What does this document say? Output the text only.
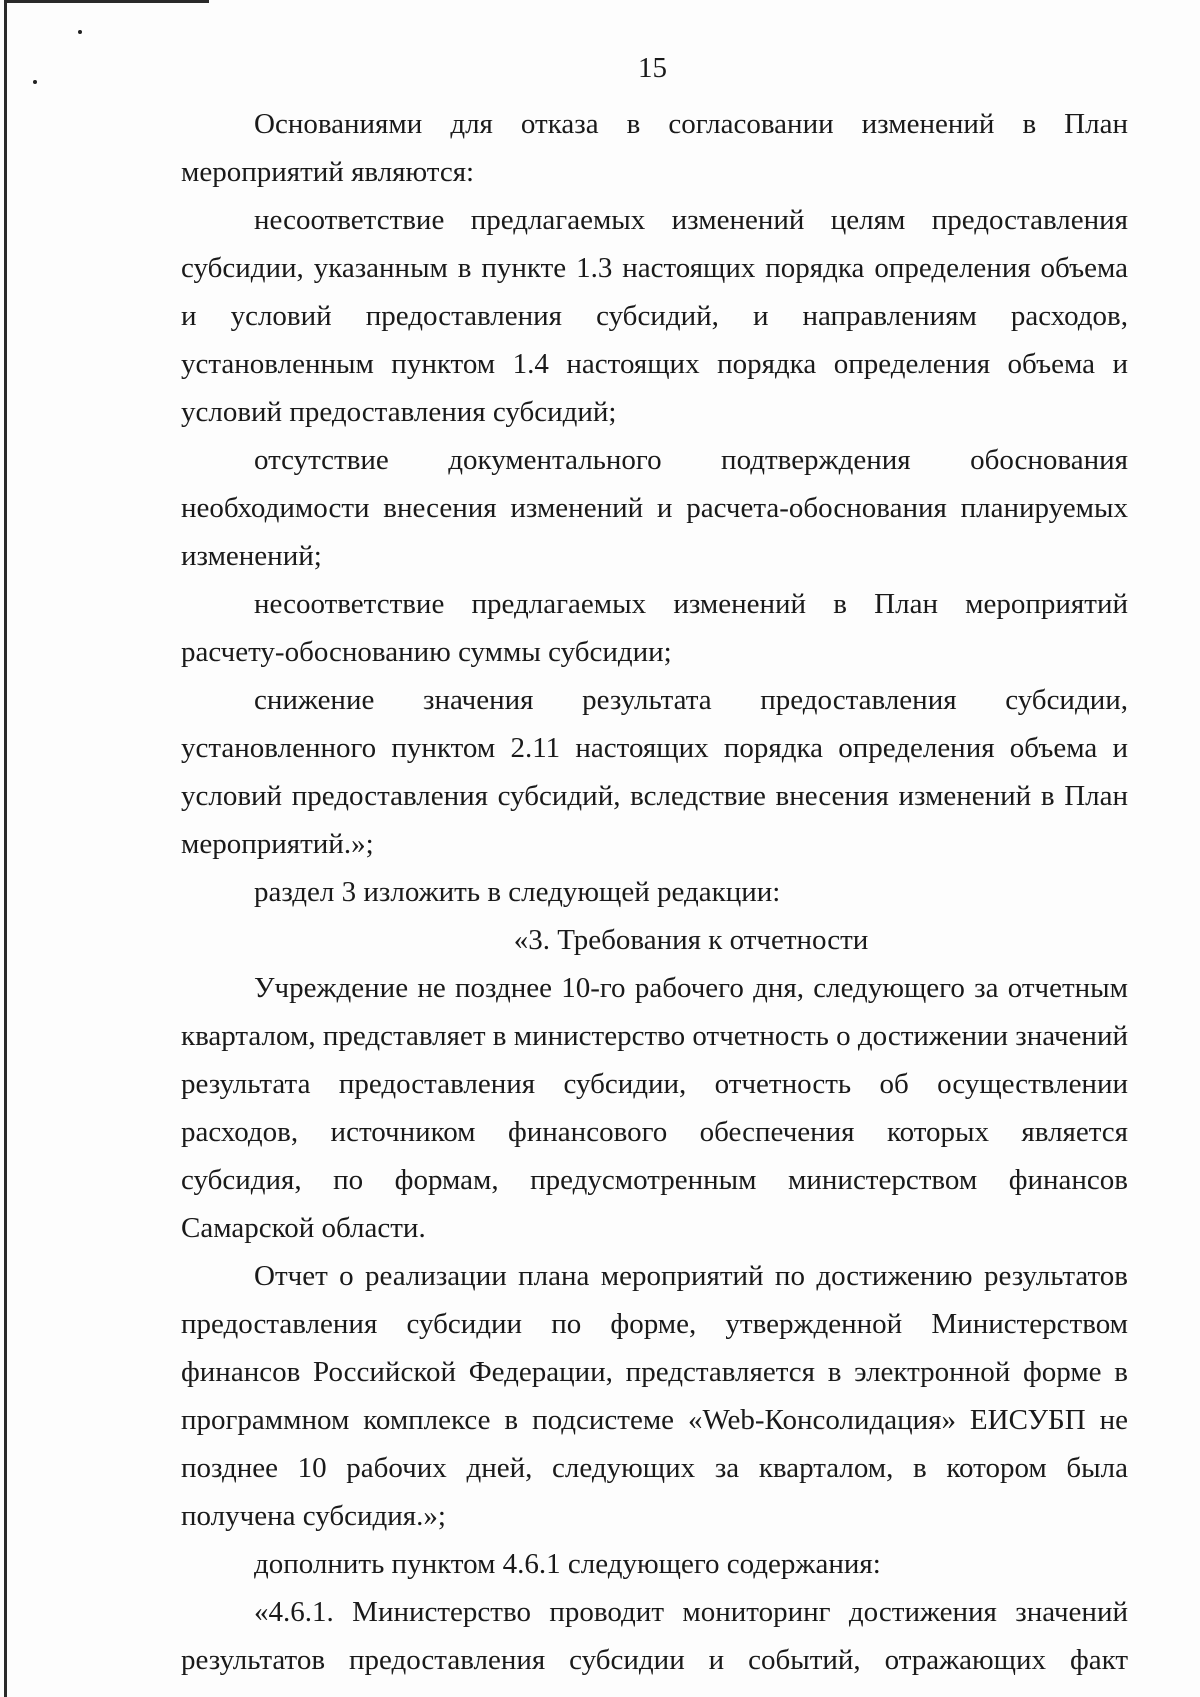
15

Основаниями для отказа в согласовании изменений в План мероприятий являются:

несоответствие предлагаемых изменений целям предоставления субсидии, указанным в пункте 1.3 настоящих порядка определения объема и условий предоставления субсидий, и направлениям расходов, установленным пунктом 1.4 настоящих порядка определения объема и условий предоставления субсидий;

отсутствие документального подтверждения обоснования необходимости внесения изменений и расчета-обоснования планируемых изменений;

несоответствие предлагаемых изменений в План мероприятий расчету-обоснованию суммы субсидии;

снижение значения результата предоставления субсидии, установленного пунктом 2.11 настоящих порядка определения объема и условий предоставления субсидий, вследствие внесения изменений в План мероприятий.»;

раздел 3 изложить в следующей редакции:

«3. Требования к отчетности

Учреждение не позднее 10-го рабочего дня, следующего за отчетным кварталом, представляет в министерство отчетность о достижении значений результата предоставления субсидии, отчетность об осуществлении расходов, источником финансового обеспечения которых является субсидия, по формам, предусмотренным министерством финансов Самарской области.

Отчет о реализации плана мероприятий по достижению результатов предоставления субсидии по форме, утвержденной Министерством финансов Российской Федерации, представляется в электронной форме в программном комплексе в подсистеме «Web-Консолидация» ЕИСУБП не позднее 10 рабочих дней, следующих за кварталом, в котором была получена субсидия.»;

дополнить пунктом 4.6.1 следующего содержания:

«4.6.1. Министерство проводит мониторинг достижения значений результатов предоставления субсидии и событий, отражающих факт
